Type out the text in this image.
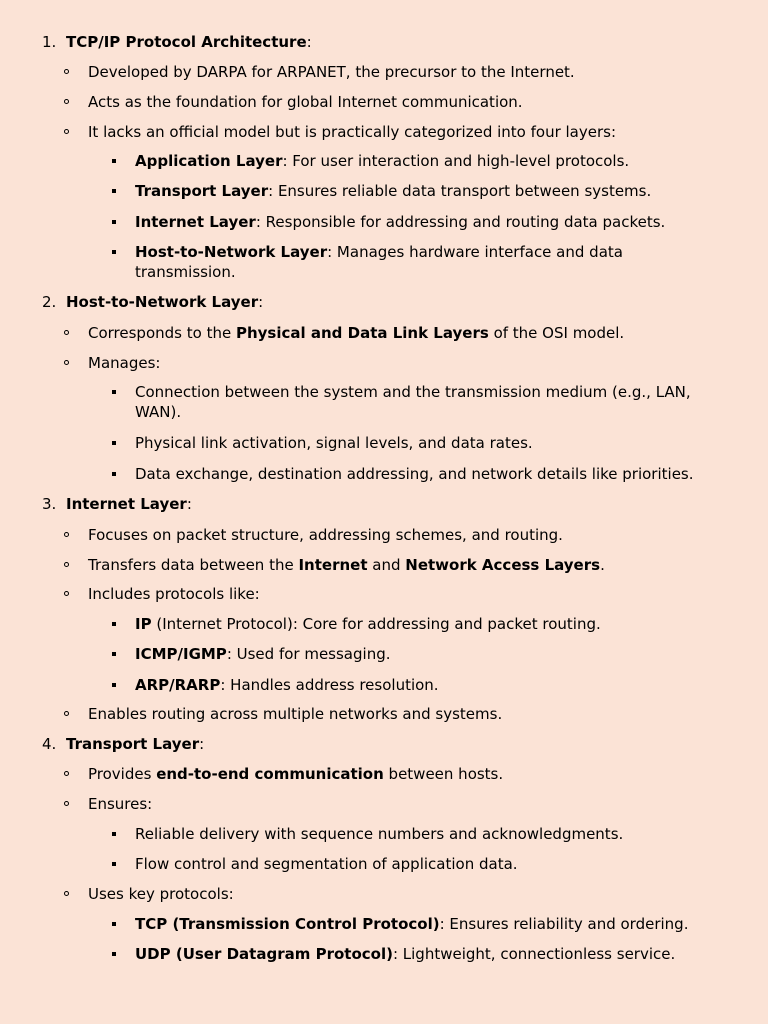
1. TCP/IP Protocol Architecture:
Developed by DARPA for ARPANET, the precursor to the Internet.
Acts as the foundation for global Internet communication.
It lacks an official model but is practically categorized into four layers:
Application Layer: For user interaction and high-level protocols.
Transport Layer: Ensures reliable data transport between systems.
Internet Layer: Responsible for addressing and routing data packets.
Host-to-Network Layer: Manages hardware interface and data
transmission.
2. Host-to-Network Layer:
Corresponds to the Physical and Data Link Layers of the OSI model.
Manages:
Connection between the system and the transmission medium (e.g., LAN,
WAN).
Physical link activation, signal levels, and data rates.
Data exchange, destination addressing, and network details like priorities.
3. Internet Layer:
Focuses on packet structure, addressing schemes, and routing.
Transfers data between the Internet and Network Access Layers.
Includes protocols like:
IP (Internet Protocol): Core for addressing and packet routing.
ICMP/IGMP: Used for messaging.
ARP/RARP: Handles address resolution.
Enables routing across multiple networks and systems.
4. Transport Layer:
Provides end-to-end communication between hosts.
Ensures:
Reliable delivery with sequence numbers and acknowledgments.
Flow control and segmentation of application data.
Uses key protocols:
TCP (Transmission Control Protocol): Ensures reliability and ordering.
UDP (User Datagram Protocol): Lightweight, connectionless service.
